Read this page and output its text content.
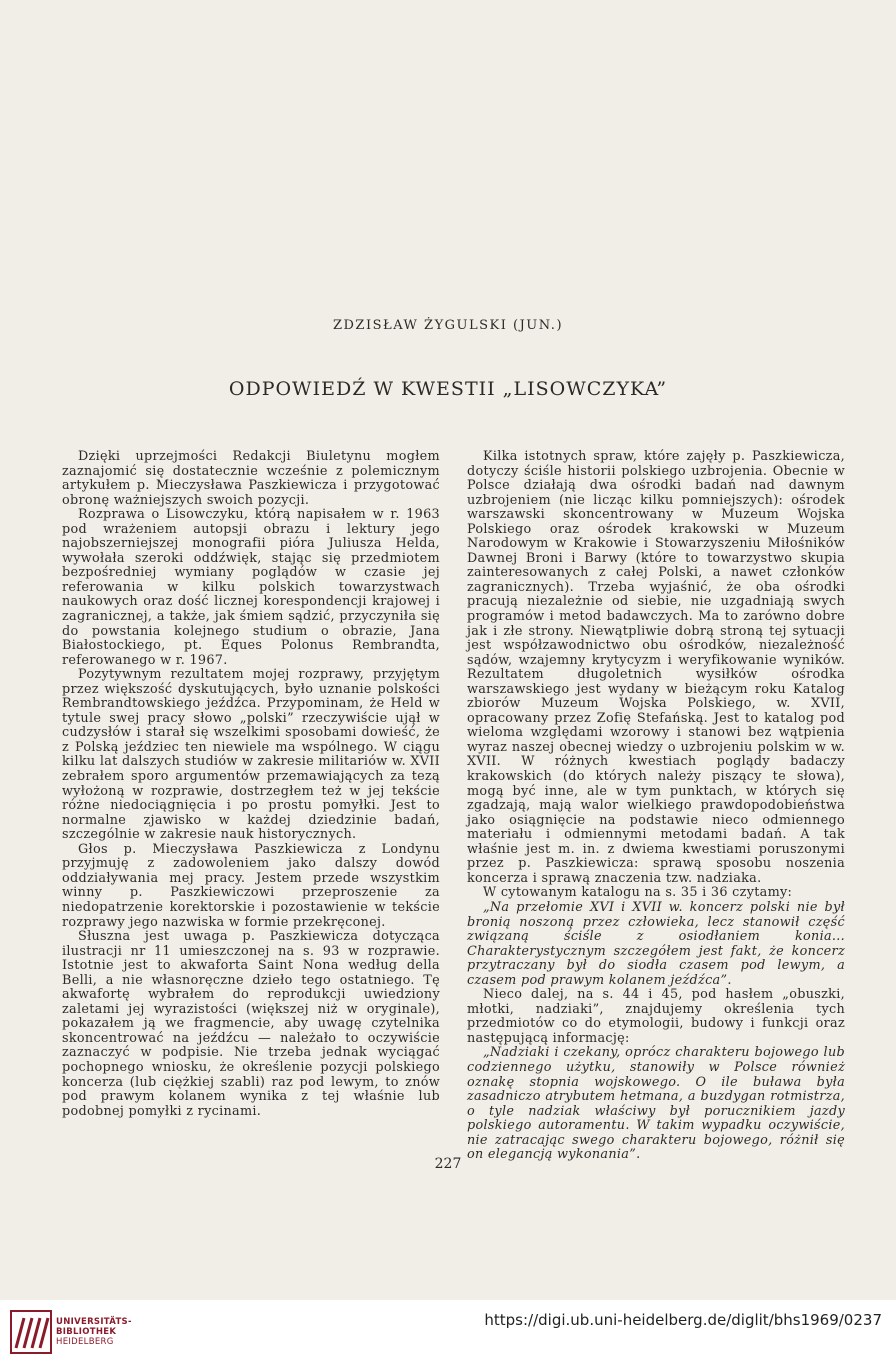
ZDZISŁAW ŻYGULSKI (JUN.)
ODPOWIEDŹ W KWESTII „LISOWCZYKA”

Dzięki uprzejmości Redakcji Biuletynu mogłem zaznajomić się dostatecznie wcześnie z polemicznym artykułem p. Mieczysława Paszkiewicza i przygotować obronę ważniejszych swoich pozycji.

Rozprawa o Lisowczyku, którą napisałem w r. 1963 pod wrażeniem autopsji obrazu i lektury jego najobszerniejszej monografii pióra Juliusza Helda, wywołała szeroki oddźwięk, stając się przedmiotem bezpośredniej wymiany poglądów w czasie jej referowania w kilku polskich towarzystwach naukowych oraz dość licznej korespondencji krajowej i zagranicznej, a także, jak śmiem sądzić, przyczyniła się do powstania kolejnego studium o obrazie, Jana Białostockiego, pt. Eques Polonus Rembrandta, referowanego w r. 1967.

Pozytywnym rezultatem mojej rozprawy, przyjętym przez większość dyskutujących, było uznanie polskości Rembrandtowskiego jeźdźca. Przypominam, że Held w tytule swej pracy słowo „polski” rzeczywiście ujął w cudzysłów i starał się wszelkimi sposobami dowieść, że z Polską jeździec ten niewiele ma wspólnego. W ciągu kilku lat dalszych studiów w zakresie militariów w. XVII zebrałem sporo argumentów przemawiających za tezą wyłożoną w rozprawie, dostrzegłem też w jej tekście różne niedociągnięcia i po prostu pomyłki. Jest to normalne zjawisko w każdej dziedzinie badań, szczególnie w zakresie nauk historycznych.

Głos p. Mieczysława Paszkiewicza z Londynu przyjmuję z zadowoleniem jako dalszy dowód oddziaływania mej pracy. Jestem przede wszystkim winny p. Paszkiewiczowi przeproszenie za niedopatrzenie korektorskie i pozostawienie w tekście rozprawy jego nazwiska w formie przekręconej.

Słuszna jest uwaga p. Paszkiewicza dotycząca ilustracji nr 11 umieszczonej na s. 93 w rozprawie. Istotnie jest to akwaforta Saint Nona według della Belli, a nie własnoręczne dzieło tego ostatniego. Tę akwafortę wybrałem do reprodukcji uwiedziony zaletami jej wyrazistości (większej niż w oryginale), pokazałem ją we fragmencie, aby uwagę czytelnika skoncentrować na jeźdźcu — należało to oczywiście zaznaczyć w podpisie. Nie trzeba jednak wyciągać pochopnego wniosku, że określenie pozycji polskiego koncerza (lub ciężkiej szabli) raz pod lewym, to znów pod prawym kolanem wynika z tej właśnie lub podobnej pomyłki z rycinami.

Kilka istotnych spraw, które zajęły p. Paszkiewicza, dotyczy ściśle historii polskiego uzbrojenia. Obecnie w Polsce działają dwa ośrodki badań nad dawnym uzbrojeniem (nie licząc kilku pomniejszych): ośrodek warszawski skoncentrowany w Muzeum Wojska Polskiego oraz ośrodek krakowski w Muzeum Narodowym w Krakowie i Stowarzyszeniu Miłośników Dawnej Broni i Barwy (które to towarzystwo skupia zainteresowanych z całej Polski, a nawet członków zagranicznych). Trzeba wyjaśnić, że oba ośrodki pracują niezależnie od siebie, nie uzgadniają swych programów i metod badawczych. Ma to zarówno dobre jak i złe strony. Niewątpliwie dobrą stroną tej sytuacji jest współzawodnictwo obu ośrodków, niezależność sądów, wzajemny krytycyzm i weryfikowanie wyników. Rezultatem długoletnich wysiłków ośrodka warszawskiego jest wydany w bieżącym roku Katalog zbiorów Muzeum Wojska Polskiego, w. XVII, opracowany przez Zofię Stefańską. Jest to katalog pod wieloma względami wzorowy i stanowi bez wątpienia wyraz naszej obecnej wiedzy o uzbrojeniu polskim w w. XVII. W różnych kwestiach poglądy badaczy krakowskich (do których należy piszący te słowa), mogą być inne, ale w tym punktach, w których się zgadzają, mają walor wielkiego prawdopodobieństwa jako osiągnięcie na podstawie nieco odmiennego materiału i odmiennymi metodami badań. A tak właśnie jest m. in. z dwiema kwestiami poruszonymi przez p. Paszkiewicza: sprawą sposobu noszenia koncerza i sprawą znaczenia tzw. nadziaka.

W cytowanym katalogu na s. 35 i 36 czytamy:

„Na przełomie XVI i XVII w. koncerz polski nie był bronią noszoną przez człowieka, lecz stanowił część związaną ściśle z osiodłaniem konia... Charakterystycznym szczegółem jest fakt, że koncerz przytraczany był do siodła czasem pod lewym, a czasem pod prawym kolanem jeźdźca”.

Nieco dalej, na s. 44 i 45, pod hasłem „obuszki, młotki, nadziaki”, znajdujemy określenia tych przedmiotów co do etymologii, budowy i funkcji oraz następującą informację:

„Nadziaki i czekany, oprócz charakteru bojowego lub codziennego użytku, stanowiły w Polsce również oznakę stopnia wojskowego. O ile buława była zasadniczo atrybutem hetmana, a buzdygan rotmistrza, o tyle nadziak właściwy był porucznikiem jazdy polskiego autoramentu. W takim wypadku oczywiście, nie zatracając swego charakteru bojowego, różnił się on elegancją wykonania”.

227
UNIVERSITÄTS-
BIBLIOTHEK
HEIDELBERG
https://digi.ub.uni-heidelberg.de/diglit/bhs1969/0237
